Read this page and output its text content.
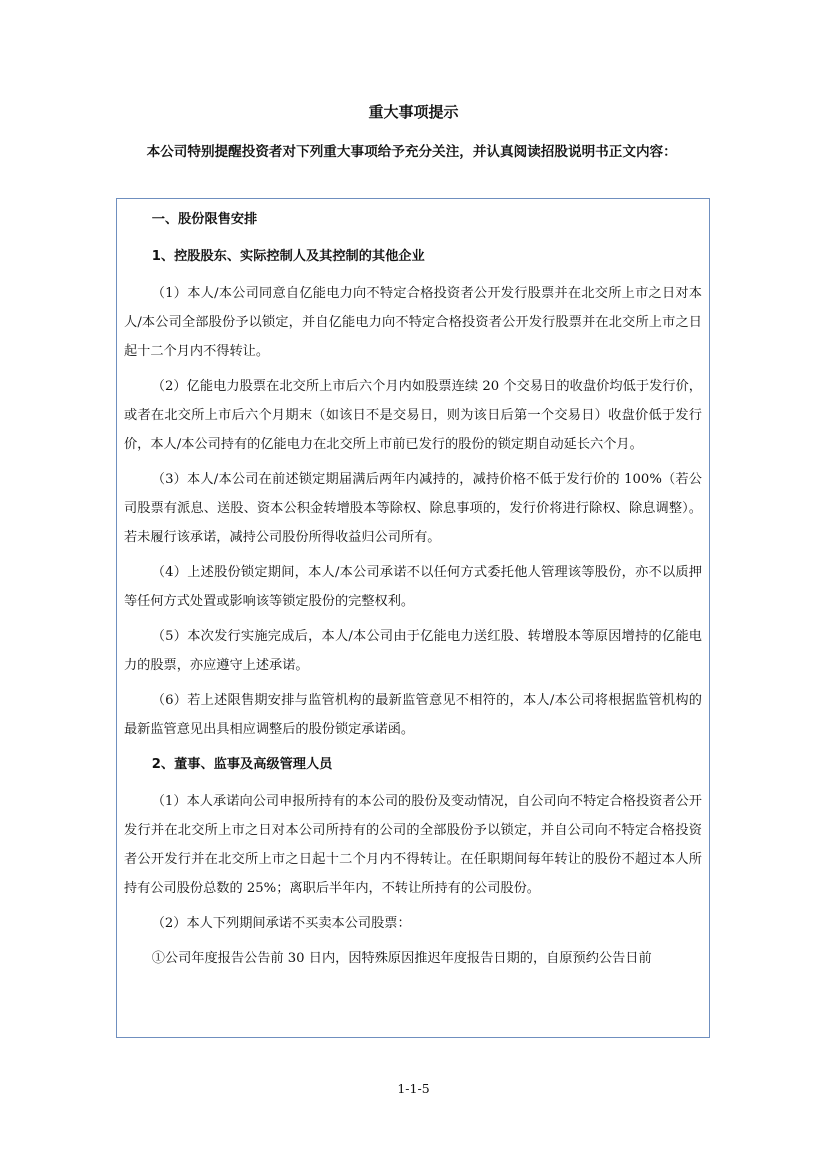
重大事项提示

本公司特别提醒投资者对下列重大事项给予充分关注，并认真阅读招股说明书正文内容：

一、股份限售安排
1、控股股东、实际控制人及其控制的其他企业

（1）本人/本公司同意自亿能电力向不特定合格投资者公开发行股票并在北交所上市之日对本人/本公司全部股份予以锁定，并自亿能电力向不特定合格投资者公开发行股票并在北交所上市之日起十二个月内不得转让。

（2）亿能电力股票在北交所上市后六个月内如股票连续 20 个交易日的收盘价均低于发行价，或者在北交所上市后六个月期末（如该日不是交易日，则为该日后第一个交易日）收盘价低于发行价，本人/本公司持有的亿能电力在北交所上市前已发行的股份的锁定期自动延长六个月。

（3）本人/本公司在前述锁定期届满后两年内减持的，减持价格不低于发行价的 100%（若公司股票有派息、送股、资本公积金转增股本等除权、除息事项的，发行价将进行除权、除息调整）。若未履行该承诺，减持公司股份所得收益归公司所有。

（4）上述股份锁定期间，本人/本公司承诺不以任何方式委托他人管理该等股份，亦不以质押等任何方式处置或影响该等锁定股份的完整权利。

（5）本次发行实施完成后，本人/本公司由于亿能电力送红股、转增股本等原因增持的亿能电力的股票，亦应遵守上述承诺。

（6）若上述限售期安排与监管机构的最新监管意见不相符的，本人/本公司将根据监管机构的最新监管意见出具相应调整后的股份锁定承诺函。

2、董事、监事及高级管理人员

（1）本人承诺向公司申报所持有的本公司的股份及变动情况，自公司向不特定合格投资者公开发行并在北交所上市之日对本公司所持有的公司的全部股份予以锁定，并自公司向不特定合格投资者公开发行并在北交所上市之日起十二个月内不得转让。在任职期间每年转让的股份不超过本人所持有公司股份总数的 25%；离职后半年内，不转让所持有的公司股份。

（2）本人下列期间承诺不买卖本公司股票：

①公司年度报告公告前 30 日内，因特殊原因推迟年度报告日期的，自原预约公告日前

1-1-5
